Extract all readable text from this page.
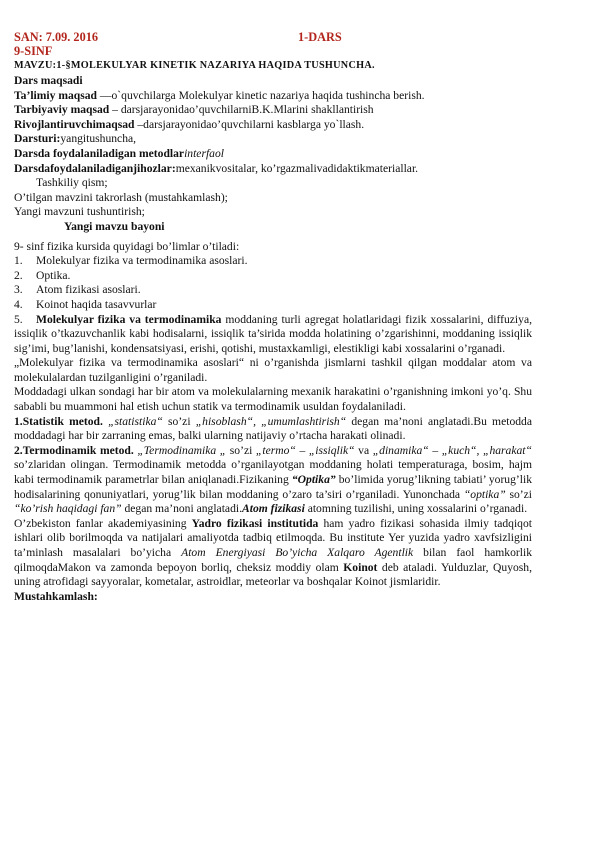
SAN: 7.09. 2016	1-DARS
9-SINF
MAVZU:1-§MOLEKULYAR KINETIK NAZARIYA HAQIDA TUSHUNCHA.

Dars maqsadi

Ta’limiy maqsad —o`quvchilarga Molekulyar kinetic nazariya haqida tushincha berish.

Tarbiyaviy maqsad – darsjarayonidao’quvchilarniB.K.Mlarini shakllantirish

Rivojlantiruvchimaqsad –darsjarayonidao’quvchilarni kasblarga yo`llash.

Darsturi:yangitushuncha,

Darsda foydalaniladigan metodlarinterfaol

Darsdafoydalaniladiganjihozlar:mexanikvositalar, ko’rgazmalivadidaktikmateriallar.

Tashkiliy qism;

O’tilgan mavzini takrorlash (mustahkamlash);

Yangi mavzuni tushuntirish;

Yangi mavzu bayoni

9- sinf fizika kursida quyidagi bo’limlar o’tiladi:

1.	Molekulyar fizika va termodinamika asoslari.
2.	Optika.
3.	Atom fizikasi asoslari.
4.	Koinot haqida tasavvurlar

5. Molekulyar fizika va termodinamika moddaning turli agregat holatlaridagi fizik xossalarini, diffuziya, issiqlik o’tkazuvchanlik kabi hodisalarni, issiqlik ta’sirida modda holatining o’zgarishinni, moddaning issiqlik sig’imi, bug’lanishi, kondensatsiyasi, erishi, qotishi, mustaxkamligi, elestikligi kabi xossalarini o’rganadi.

„Molekulyar fizika va termodinamika asoslari“ ni o’rganishda jismlarni tashkil qilgan moddalar atom va molekulalardan tuzilganligini o’rganiladi.

Moddadagi ulkan sondagi har bir atom va molekulalarning mexanik harakatini o’rganishning imkoni yo’q. Shu sababli bu muammoni hal etish uchun statik va termodinamik usuldan foydalaniladi.

1.Statistik metod. „statistika“ so’zi „hisoblash“, „umumlashtirish“ degan ma’noni anglatadi.Bu metodda moddadagi har bir zarraning emas, balki ularning natijaviy o’rtacha harakati olinadi.

2.Termodinamik metod. „Termodinamika „ so’zi „termo“ – „issiqlik“ va „dinamika“ – „kuch“, „harakat“ so’zlaridan olingan. Termodinamik metodda o’rganilayotgan moddaning holati temperaturaga, bosim, hajm kabi termodinamik parametrlar bilan aniqlanadi.Fizikaning “Optika” bo’limida yorug’likning tabiati’ yorug’lik hodisalarining qonuniyatlari, yorug’lik bilan moddaning o’zaro ta’siri o’rganiladi. Yunonchada “optika” so’zi “ko’rish haqidagi fan” degan ma’noni anglatadi.Atom fizikasi atomning tuzilishi, uning xossalarini o’rganadi.

O’zbekiston fanlar akademiyasining Yadro fizikasi institutida ham yadro fizikasi sohasida ilmiy tadqiqot ishlari olib borilmoqda va natijalari amaliyotda tadbiq etilmoqda. Bu institute Yer yuzida yadro xavfsizligini ta’minlash masalalari bo’yicha Atom Energiyasi Bo’yicha Xalqaro Agentlik bilan faol hamkorlik qilmoqdaMakon va zamonda bepoyon borliq, cheksiz moddiy olam Koinot deb ataladi. Yulduzlar, Quyosh, uning atrofidagi sayyoralar, kometalar, astroidlar, meteorlar va boshqalar Koinot jismlaridir.

Mustahkamlash:
